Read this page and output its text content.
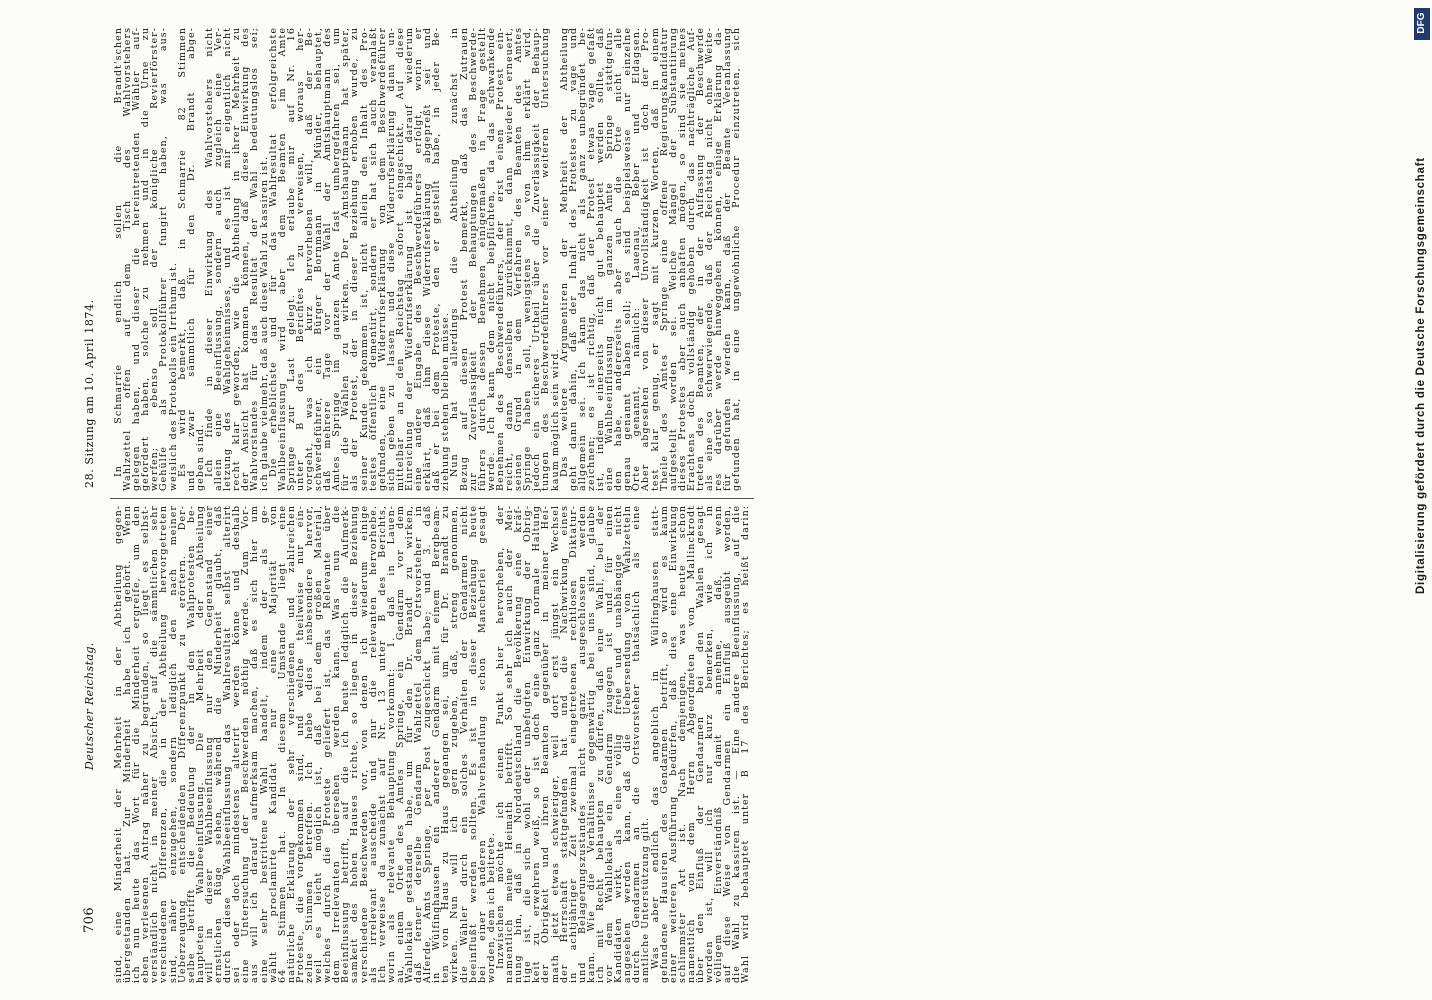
706
Deutscher Reichstag.
28. Sitzung am 10. April 1874.
sind, eine Minderheit der Mehrheit in der Abtheilung gegen-
übergestanden hat. Zur Minderheit habe ich gehört. Wenn
ich nun heute das Wort für die Minderheit ergreife, um den
eben verlesenen Antrag näher zu begründen, so liegt es selbst-
verständlich nicht in meiner Absicht, auf die sämmtlichen sehr
verschiedenen Differenzen, die in der Abtheilung hervorgetreten
sind, näher einzugehen, sondern lediglich den nach meiner
Ueberzeugung entscheidenden Differenzpunkt zu erörtern. Der-
selbe betrifft die Bedeutung der in den Wahlprotesten be-
haupteten Wahlbeeinflussung. Die Mehrheit der Abtheilung
will in dieser Wahlbeeinflussung nur den Gegenstand einer
ernstlichen Rüge sehen, während die Minderheit glaubt, daß
durch diese Wahlbeeinflussung das Wahlresultat selbst alterirt
sei oder doch mindestens alterirt werden könne und deshalb
eine Untersuchung der Beschwerden nöthig werde. Zum Vor-
aus will ich darauf aufmerksam machen, daß es sich hier um
eine sehr bestrittene Wahl handelt, indem der als ge-
wählt proclamirte Kandidat nur eine Majorität von
64 Stimmen hat. In diesem Umstande liegt eine
natürliche Erklärung der sehr verschiedenen und zahlreichen
Proteste, die vorgekommen sind, und welche theilweise nur ein-
zelne Stimmen betreffen. Ich hebe dies insbesondere hervor,
weil es leicht möglich ist, daß bei dem großen Material,
welches durch die Proteste geliefert ist, das Relevante über
dem Irrelevanten übersehen werden kann. Was nun die
Beeinflussung betrifft, auf die ich heute lediglich die Aufmerk-
samkeit des hohen Hauses richte, so liegen in dieser Beziehung
verschiedene Beschwerden vor, von denen ich wiederum einige
als irrelevant ausscheide und nur die relevanten hervorhebe.
Ich verweise da zunächst auf Nr. 13 unter B des Berichts,
worin als relevante Behauptung vorkommt: 1. daß in Lauen-
au, einem Orte des Amtes Springe, ein Gendarm vor dem
Wahllokale gestanden habe, um für den Dr. Brandt zu wirken,
daß ferner derselbe Gendarm Wahlzettel dem Ortsvorsteher in
Alferde, Amts Springe, per Post zugeschickt habe; und 3. daß
in Wülfinghausen ein anderer Gendarm mit einem Bergbeam-
ten von Haus zu Haus gegangen sei, um für Dr. Brandt zu
wirken. Nun will ich gern zugeben, daß, streng genommen,
die Wähler durch ein solches Verhalten der Gendarmen nicht
beeinflußt werden sollten. Es ist in dieser Beziehung heute
bei einer anderen Wahlverhandlung schon Mancherlei gesagt
worden, dem ich beitrete.
Inzwischen möchte ich einen Punkt hier hervorheben, der
namentlich meine Heimath betrifft. So sehr ich auch der Mei-
nung bin, daß in Norddeutschland die Bevölkerung eine kräf-
tige ist, die sich wohl der unbefugten Einwirkung der Obrig-
keit zu erwehren weiß, so ist doch eine ganz normale Haltung
der Obrigkeit und ihren Beamten gegenüber in meiner Hei-
math jetzt etwas schwieriger, weil dort erst jüngst ein Wechsel
der Herrschaft stattgefunden hat und die Nachwirkung eines
in achtjähriger Zeit zweimal eingetretenen rechtlosen Diktatur-
und Belagerungszustandes nicht ganz ausgeschlossen werden
kann. Wie die Verhältnisse gegenwärtig bei uns sind, glaube
ich mit Recht behaupten zu dürfen, daß eine Wahl, bei der
vor dem Wahllokale ein Gendarm zugegen ist und für einen
Kandidaten wirkt, als eine völlig freie und unabhängige nicht
angesehen werden kann, daß die Uebersendung von Wahlzetteln
durch Gendarmen an die Ortsvorsteher thatsächlich als eine
amtliche Unterstützung gilt.
Was aber endlich das angeblich in Wülfinghausen statt-
gefundene Hausiren des Gendarmen betrifft, so wird es kaum
einer weiteren Ausführung bedürfen, daß dies eine Einwirkung
schlimmster Art ist. Nach demjenigen, was heute schon
namentlich von dem Herrn Abgeordneten von Mallinckrodt
über den Einfluß der Gendarmen bei den Wahlen gesagt
worden ist, will ich nur kurz bemerken, wie ich in
völligem Einverständniß damit annehme, daß, wenn
auf diese Weise von Gendarmen ein Einfluß ausgeübt worden,
die Wahl zu kassiren ist. — Eine andere Beeinflussung, auf die
Wahl wird behauptet unter B 17 des Berichtes; es heißt darin:
In Schmarrie endlich sollen die Brandt'schen
Wahlzettel offen auf dem Tisch des Wahlvorstehers
gelegen haben, und dieser die hereintretenden Wähler auf-
gefordert haben, solche zu nehmen und in die Urne zu
werfen; ebenso soll der königliche Revierförster-
Gehülfe als Protokollführer fungirt haben, was aus-
weislich des Protokolls ein Irrthum ist.
Es wird bemerkt, daß in Schmarrie 82 Stimmen
und zwar sämmtlich für den Dr. Brandt abge-
geben sind.
Ich finde in dieser Einwirkung des Wahlvorstehers nicht
allein eine Beeinflussung, sondern auch zugleich eine Ver-
letzung des Wahlgeheimnisses, und es ist mir eigentlich nicht
recht klar geworden, wie die Abtheilung in ihrer Mehrheit zu
der Ansicht hat kommen können, daß diese Einwirkung des
Wahlvorstandes für das Resultat der Wahl bedeutungslos sei;
ich glaube vielmehr, daß auch diese Wahl zu kassiren ist.
Die erheblichste und für das Wahlresultat erfolgreichste
Wahlbeeinflussung wird aber dem Beamten im Amte
Springe zur Last gelegt. Ich erlaube mir auf Nr. 16
unter B des Berichtes zu verweisen, woraus her-
vorgeht, was ich kurz hervorheben will, daß der Be-
schwerdeführer, ein Bürger Bornmann in Münder, behauptet,
daß mehrere Tage vor der Wahl der Amtshauptmann des
Amtes Springe im ganzen Amte fast umhergefahren sei, um
für die Wahlen zu wirken. Der Amtshauptmann hat später,
als der Protest, der in dieser Beziehung erhoben wurde, zu
seiner Kunde gekommen ist, nicht allein den Inhalt des Pro-
testes öffentlich dementirt, sondern er hat sich auch veranlaßt
gefunden, eine Widerrufserklärung von dem Beschwerdeführer
sich geben zu lassen und diese Widerrufserklärung dann un-
mittelbar an den Reichstag sofort eingeschickt. Auf diese
Einreichung der Widerrufserklärung ist bald darauf wiederum
eine andere Eingabe des Beschwerdeführers erfolgt, worin er
erklärt, daß ihm diese Widerrufserklärung abgepreßt sei und
daß er bei dem Proteste, den er gestellt habe, in jeder Be-
ziehung stehen bleiben müsse.
Nun hat allerdings die Abtheilung zunächst in
Bezug auf diesen Protest bemerkt, daß das Zutrauen
zur Zuverlässigkeit der Behauptungen des Beschwerde-
führers durch dessen Benehmen einigermaßen in Frage gestellt
werde. Ich kann dem nicht beipflichten, da das schwankende
Benehmen des Beschwerdeführers, der erst einen Protest ein-
reicht, dann denselben zurücknimmt, dann wieder erneuert,
seinen Grund in dem Verfahren des Beamten des Amtes
Springe haben soll, wenigstens so von ihm erklärt wird,
jedoch ein sicheres Urtheil über die Zuverlässigkeit der Behaup-
tungen des Beschwerdeführers vor einer weiteren Untersuchung
kaum möglich sein wird.
Das weitere Argumentiren der Mehrheit der Abtheilung
geht dann dahin, daß der Inhalt des Protestes zu vage und
allgemein sei. Ich kann das nicht als ganz unbegründet be-
zeichnen; es ist richtig, daß der Protest etwas vage gefaßt
ist, indem einerseits nicht gut behauptet werden sollte, daß
eine Wahlbeeinflussung im ganzen Amte Springe stattgefun-
den habe, andererseits aber auch die Orte nicht alle
genau genannt haben soll; es sind beispielsweise nur einzelne
Orte genannt, nämlich: Lauenau, Beber und Eldagsen.
Aber abgesehen von dieser Unvollständigkeit ist doch der Pro-
test klar genug, er sagt mit kurzen Worten, daß in einem
Theile des Amtes Springe eine offene Regierungskandidatur
aufgestellt worden sei. Welche Mängel der Substantiirung
dieses Protestes aber auch anhaften mögen, so sind sie meines
Erachtens doch vollständig gehoben durch das nachträgliche Auf-
treten des Beamten, der in der Auffassung der Beschwerde
als eine so schwerwiegende, daß der Reichstag nicht ohne Weite-
res darüber werde hinweggehen können, einige Erklärung da-
für gefunden werden kann, daß der Beamte Veranlassung
gefunden hat, in eine ungewöhnliche Procedur einzutreten, sich	Digitalisierung gefördert durch die Deutsche Forschungsgemeinschaft
DFG
